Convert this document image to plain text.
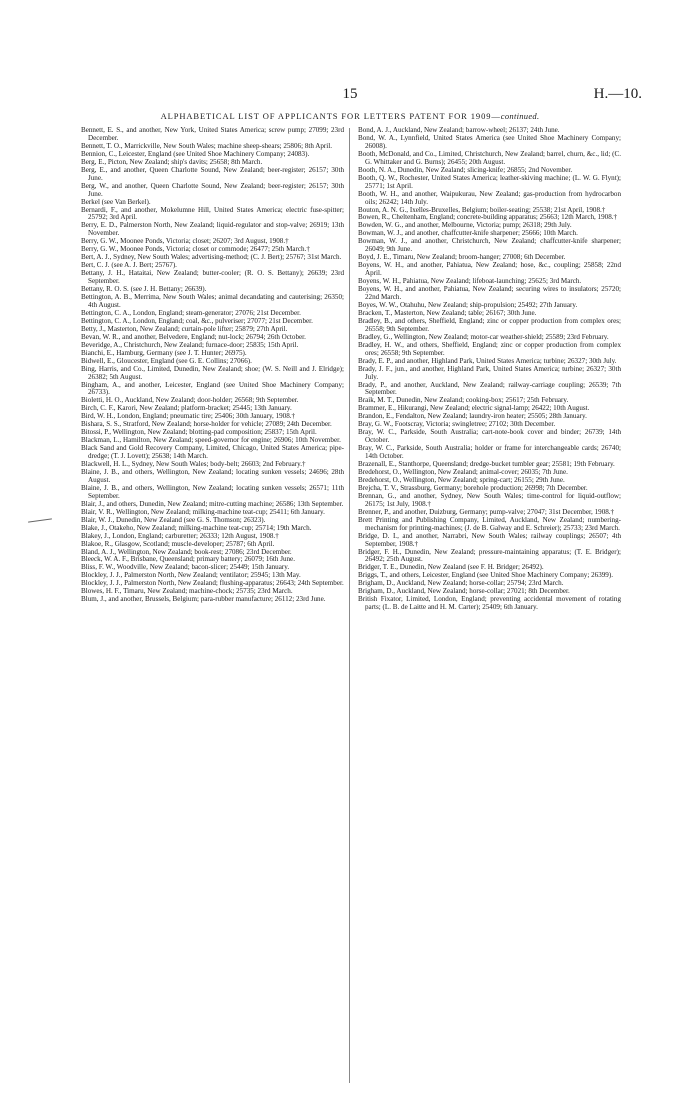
15	H.—10.
ALPHABETICAL LIST OF APPLICANTS FOR LETTERS PATENT FOR 1909—continued.

Bennett, E. S., and another, New York, United States America; screw pump; 27099; 23rd December.

Bennett, T. O., Marrickville, New South Wales; machine sheep-shears; 25806; 8th April.

Bennion, C., Leicester, England (see United Shoe Machinery Company; 24083).

Berg, E., Picton, New Zealand; ship's davits; 25658; 8th March.

Berg, E., and another, Queen Charlotte Sound, New Zealand; beer-register; 26157; 30th June.

Berg, W., and another, Queen Charlotte Sound, New Zealand; beer-register; 26157; 30th June.

Berkel (see Van Berkel).

Bernardi, F., and another, Mokelumne Hill, United States America; electric fuse-spitter; 25792; 3rd April.

Berry, E. D., Palmerston North, New Zealand; liquid-regulator and stop-valve; 26919; 13th November.

Berry, G. W., Moonee Ponds, Victoria; closet; 26207; 3rd August, 1908.†

Berry, G. W., Moonee Ponds, Victoria; closet or commode; 26477; 25th March.†

Bert, A. J., Sydney, New South Wales; advertising-method; (C. J. Bert); 25767; 31st March.

Bert, C. J. (see A. J. Bert; 25767).

Bettany, J. H., Hataitai, New Zealand; butter-cooler; (R. O. S. Bettany); 26639; 23rd September.

Bettany, R. O. S. (see J. H. Bettany; 26639).

Bettington, A. B., Merrima, New South Wales; animal decandating and cauterising; 26350; 4th August.

Bettington, C. A., London, England; steam-generator; 27076; 21st December.

Bettington, C. A., London, England; coal, &c., pulveriser; 27077; 21st December.

Betty, J., Masterton, New Zealand; curtain-pole lifter; 25879; 27th April.

Bevan, W. R., and another, Belvedere, England; nut-lock; 26794; 26th October.

Beveridge, A., Christchurch, New Zealand; furnace-door; 25835; 15th April.

Bianchi, E., Hamburg, Germany (see J. T. Hunter; 26975).

Bidwell, E., Gloucester, England (see G. E. Collins; 27066).

Bing, Harris, and Co., Limited, Dunedin, New Zealand; shoe; (W. S. Neill and J. Elridge); 26382; 5th August.

Bingham, A., and another, Leicester, England (see United Shoe Machinery Company; 26733).

Bioletti, H. O., Auckland, New Zealand; door-holder; 26568; 9th September.

Birch, C. F., Karori, New Zealand; platform-bracket; 25445; 13th January.

Bird, W. H., London, England; pneumatic tire; 25406; 30th January, 1908.†

Bishara, S. S., Stratford, New Zealand; horse-holder for vehicle; 27089; 24th December.

Bitossi, P., Wellington, New Zealand; blotting-pad composition; 25837; 15th April.

Blackman, L., Hamilton, New Zealand; speed-governor for engine; 26906; 10th November.

Black Sand and Gold Recovery Company, Limited, Chicago, United States America; pipe-dredge; (T. J. Lovett); 25638; 14th March.

Blackwell, H. L., Sydney, New South Wales; body-belt; 26603; 2nd February.†

Blaine, J. B., and others, Wellington, New Zealand; locating sunken vessels; 24696; 28th August.

Blaine, J. B., and others, Wellington, New Zealand; locating sunken vessels; 26571; 11th September.

Blair, J., and others, Dunedin, New Zealand; mitre-cutting machine; 26586; 13th September.

Blair, V. R., Wellington, New Zealand; milking-machine teat-cup; 25411; 6th January.

Blair, W. J., Dunedin, New Zealand (see G. S. Thomson; 26323).

Blake, J., Otakeho, New Zealand; milking-machine teat-cup; 25714; 19th March.

Blakey, J., London, England; carburetter; 26333; 12th August, 1908.†

Blakoe, R., Glasgow, Scotland; muscle-developer; 25787; 6th April.

Bland, A. J., Wellington, New Zealand; book-rest; 27086; 23rd December.

Bleeck, W. A. F., Brisbane, Queensland; primary battery; 26079; 16th June.

Bliss, F. W., Woodville, New Zealand; bacon-slicer; 25449; 15th January.

Blockley, J. J., Palmerston North, New Zealand; ventilator; 25945; 13th May.

Blockley, J. J., Palmerston North, New Zealand; flushing-apparatus; 26643; 24th September.

Blowes, H. F., Timaru, New Zealand; machine-chock; 25735; 23rd March.

Blum, J., and another, Brussels, Belgium; para-rubber manufacture; 26112; 23rd June.

Bond, A. J., Auckland, New Zealand; barrow-wheel; 26137; 24th June.

Bond, W. A., Lynnfield, United States America (see United Shoe Machinery Company; 26008).

Booth, McDonald, and Co., Limited, Christchurch, New Zealand; barrel, churn, &c., lid; (C. G. Whittaker and G. Burns); 26455; 20th August.

Booth, N. A., Dunedin, New Zealand; slicing-knife; 26855; 2nd November.

Booth, Q. W., Rochester, United States America; leather-skiving machine; (L. W. G. Flynt); 25771; 1st April.

Booth, W. H., and another, Waipukurau, New Zealand; gas-production from hydrocarbon oils; 26242; 14th July.

Bouton, A. N. G., Ixelles-Bruxelles, Belgium; boiler-seating; 25538; 21st April, 1908.†

Bowen, R., Cheltenham, England; concrete-building apparatus; 25663; 12th March, 1908.†

Bowden, W. G., and another, Melbourne, Victoria; pump; 26318; 29th July.

Bowman, W. J., and another, chaffcutter-knife sharpener; 25666; 10th March.

Bowman, W. J., and another, Christchurch, New Zealand; chaffcutter-knife sharpener; 26049; 9th June.

Boyd, J. E., Timaru, New Zealand; broom-hanger; 27008; 6th December.

Boyens, W. H., and another, Pahiatua, New Zealand; hose, &c., coupling; 25858; 22nd April.

Boyens, W. H., Pahiatua, New Zealand; lifeboat-launching; 25625; 3rd March.

Boyens, W. H., and another, Pahiatua, New Zealand; securing wires to insulators; 25720; 22nd March.

Boyes, W. W., Otahuhu, New Zealand; ship-propulsion; 25492; 27th January.

Bracken, T., Masterton, New Zealand; table; 26167; 30th June.

Bradley, B., and others, Sheffield, England; zinc or copper production from complex ores; 26558; 9th September.

Bradley, G., Wellington, New Zealand; motor-car weather-shield; 25589; 23rd February.

Bradley, H. W., and others, Sheffield, England; zinc or copper production from complex ores; 26558; 9th September.

Brady, E. P., and another, Highland Park, United States America; turbine; 26327; 30th July.

Brady, J. F., jun., and another, Highland Park, United States America; turbine; 26327; 30th July.

Brady, P., and another, Auckland, New Zealand; railway-carriage coupling; 26539; 7th September.

Braik, M. T., Dunedin, New Zealand; cooking-box; 25617; 25th February.

Brammer, E., Hikurangi, New Zealand; electric signal-lamp; 26422; 10th August.

Brandon, E., Fendalton, New Zealand; laundry-iron heater; 25505; 28th January.

Bray, G. W., Footscray, Victoria; swingletree; 27102; 30th December.

Bray, W. C., Parkside, South Australia; cart-note-book cover and binder; 26739; 14th October.

Bray, W. C., Parkside, South Australia; holder or frame for interchangeable cards; 26740; 14th October.

Brazenall, E., Stanthorpe, Queensland; dredge-bucket tumbler gear; 25581; 19th February.

Bredehorst, O., Wellington, New Zealand; animal-cover; 26035; 7th June.

Bredehorst, O., Wellington, New Zealand; spring-cart; 26155; 29th June.

Brejcha, T. V., Strassburg, Germany; borehole production; 26998; 7th December.

Brennan, G., and another, Sydney, New South Wales; time-control for liquid-outflow; 26175; 1st July, 1908.†

Brenner, P., and another, Duizburg, Germany; pump-valve; 27047; 31st December, 1908.†

Brett Printing and Publishing Company, Limited, Auckland, New Zealand; numbering-mechanism for printing-machines; (J. de B. Galway and E. Schreier); 25733; 23rd March.

Bridge, D. I., and another, Narrabri, New South Wales; railway couplings; 26507; 4th September, 1908.†

Bridger, F. H., Dunedin, New Zealand; pressure-maintaining apparatus; (T. E. Bridger); 26492; 25th August.

Bridger, T. E., Dunedin, New Zealand (see F. H. Bridger; 26492).

Briggs, T., and others, Leicester, England (see United Shoe Machinery Company; 26399).

Brigham, D., Auckland, New Zealand; horse-collar; 25794; 23rd March.

Brigham, D., Auckland, New Zealand; horse-collar; 27021; 8th December.

British Fixator, Limited, London, England; preventing accidental movement of rotating parts; (L. B. de Laitte and H. M. Carter); 25409; 6th January.
